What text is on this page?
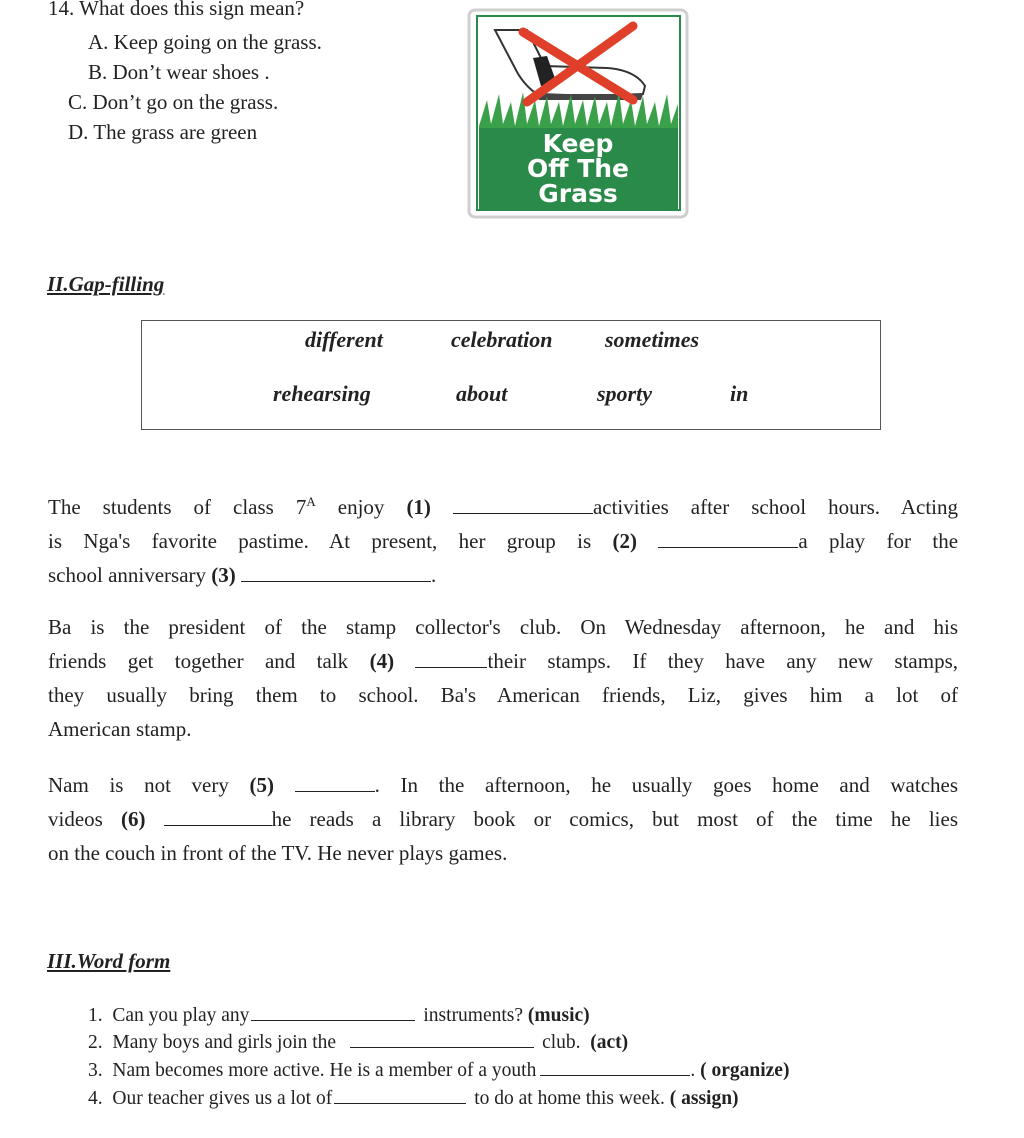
14. What does this sign mean?
A. Keep going on the grass.
B. Don’t wear shoes .
C. Don’t go on the grass.
D. The grass are green	Keep
Off The
Grass
II.Gap-filling
different	celebration sometimes
rehearsing	about	sporty	in
The students of class $7^A$ enjoy (1)	activities after school hours. Acting
is Nga's favorite pastime. At present, her group is (2)	a play for the
school anniversary (3)	.
Ba is the president of the stamp collector's club. On Wednesday afternoon, he and his
friends get together and talk (4)	their stamps. If they have any new stamps,
they usually bring them to school. Ba's American friends, Liz, gives him a lot of
American stamp.
Nam is not very (5)	. In the afternoon, he usually goes home and watches
videos (6)	he reads a library book or comics, but most of the time he lies
on the couch in front of the TV. He never plays games.
III.Word form
1. Can you play any	instruments? (music)
2. Many boys and girls join the	club. (act)
3. Nam becomes more active. He is a member of a youth	. ( organize)
4. Our teacher gives us a lot of	to do at home this week. ( assign)
